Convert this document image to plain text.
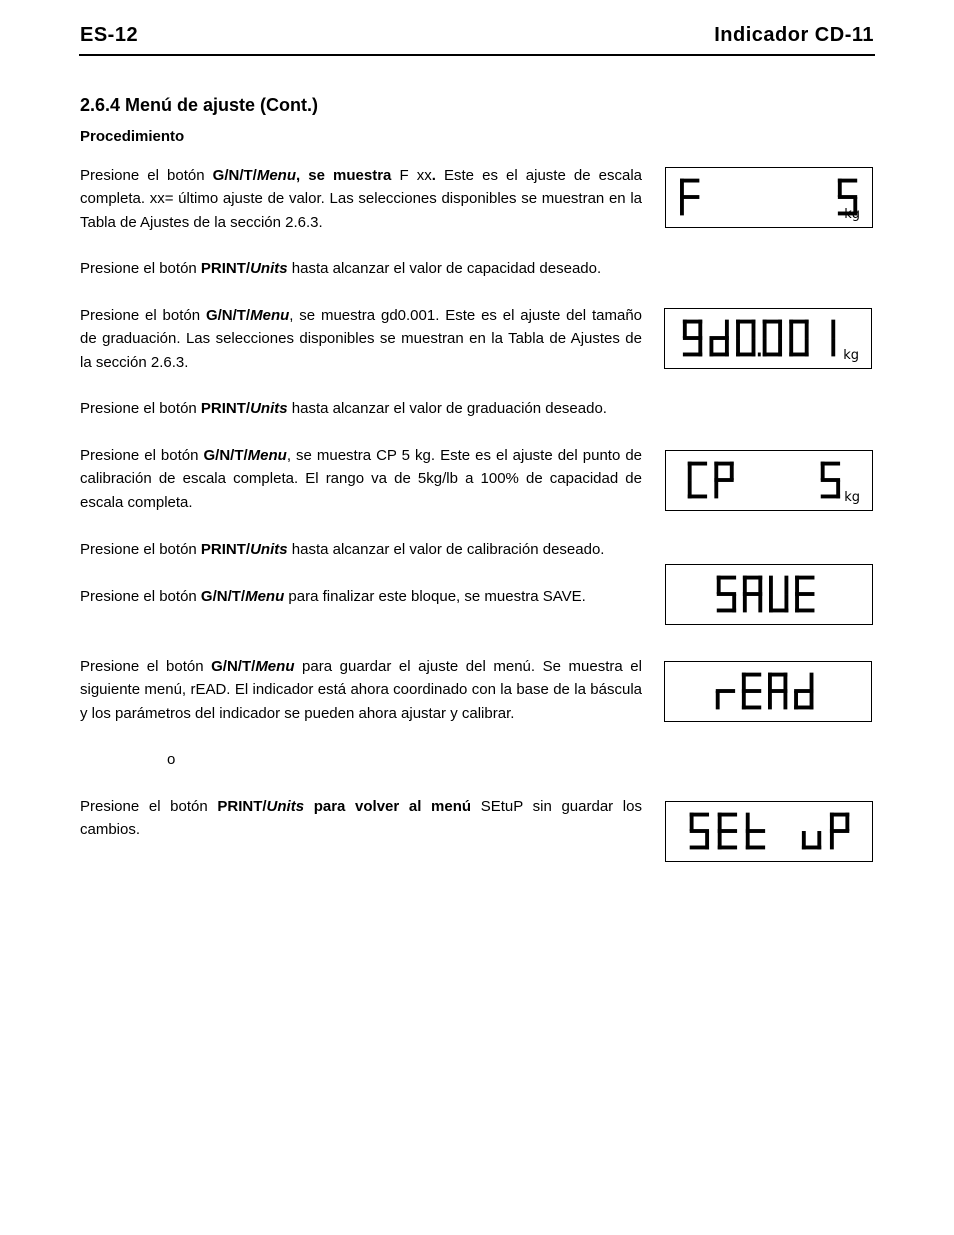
ES-12	Indicador CD-11
2.6.4 Menú de ajuste (Cont.)
Procedimiento
Presione el botón G/N/T/Menu, se muestra F xx. Este es el ajuste de escala completa. xx= último ajuste de valor. Las selecciones disponibles se muestran en la Tabla de Ajustes de la sección 2.6.3.
Presione el botón PRINT/Units hasta alcanzar el valor de capacidad deseado.
Presione el botón G/N/T/Menu, se muestra gd0.001. Este es el ajuste del tamaño de graduación. Las selecciones disponibles se muestran en la Tabla de Ajustes de la sección 2.6.3.
Presione el botón PRINT/Units hasta alcanzar el valor de graduación deseado.
Presione el botón G/N/T/Menu, se muestra CP 5 kg. Este es el ajuste del punto de calibración de escala completa. El rango va de 5kg/lb a 100% de capacidad de escala completa.
Presione el botón PRINT/Units hasta alcanzar el valor de calibración deseado.
Presione el botón G/N/T/Menu para finalizar este bloque, se muestra SAVE.
Presione el botón G/N/T/Menu para guardar el ajuste del menú. Se muestra el siguiente menú, rEAD. El indicador está ahora coordinado con la base de la báscula y los parámetros del indicador se pueden ahora ajustar y calibrar.
o
Presione el botón PRINT/Units para volver al menú SEtuP sin guardar los cambios.
kg
kg
kg
